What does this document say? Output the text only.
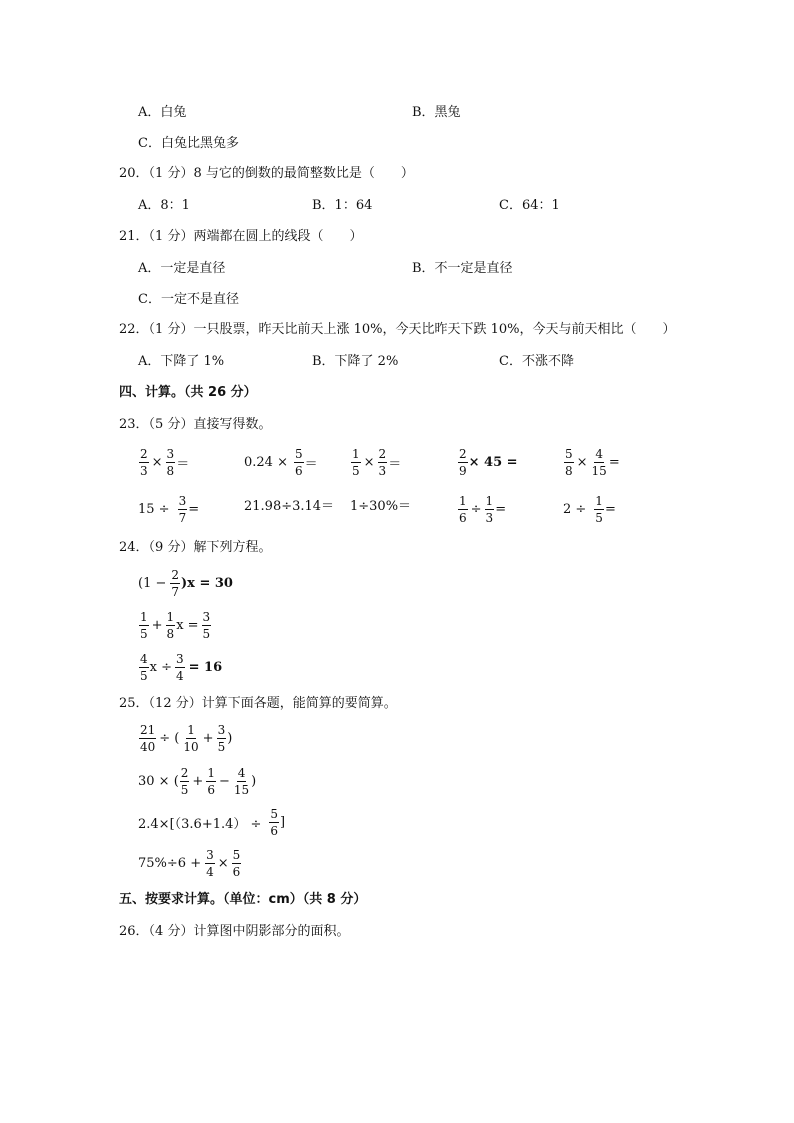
A．白兔	B．黑兔
C．白兔比黑兔多
20．（1 分）8 与它的倒数的最简整数比是（　　）
A．8：1	B．1：64	C．64：1
21．（1 分）两端都在圆上的线段（　　）
A．一定是直径	B．不一定是直径
C．一定不是直径
22．（1 分）一只股票，昨天比前天上涨 10%，今天比昨天下跌 10%，今天与前天相比（　　）
A．下降了 1%	B．下降了 2%	C．不涨不降
四、计算。（共 26 分）
23．（5 分）直接写得数。
$\frac{2}{3} \times \frac{3}{8}$ ＝	$0.24 \times \frac{5}{6}$ ＝	$\frac{1}{5} \times \frac{2}{3}$ ＝	$\frac{2}{9} \times 45$ =	$\frac{5}{8} \times \frac{4}{15}$ =
$15 \div \frac{3}{7}$ =	21.98÷3.14＝ 1÷30%＝	$\frac{1}{6} \div \frac{1}{3}$ =	$2 \div \frac{1}{5}$ =
24．（9 分）解下列方程。
$(1 - \frac{2}{7} )x = 30$
$\frac{1}{5} + \frac{1}{8}$ $x = \frac{3}{5}$
$\frac{4}{5}$ $x \div \frac{3}{4} = 16$
25．（12 分）计算下面各题，能简算的要简算。
$\frac{21}{40}$ ÷ ( $\frac{1}{10} + \frac{3}{5}$ )
30 × ( $\frac{2}{5} + \frac{1}{6} - \frac{4}{15}$ )
$2.4\times[(3.6+1.4) \div \frac{5}{6}$ ]
$75\%\div 6 + \frac{3}{4} \times \frac{5}{6}$
五、按要求计算。（单位：cm）（共 8 分）
26．（4 分）计算图中阴影部分的面积。
